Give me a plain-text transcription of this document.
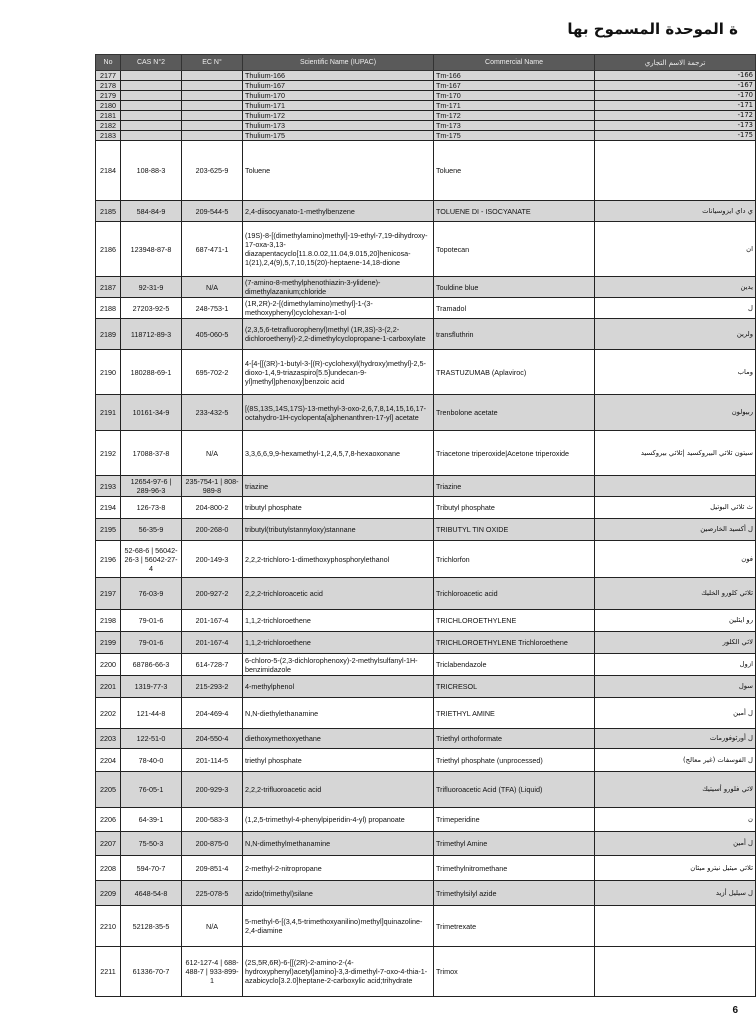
ة الموحدة المسموح بها
No	CAS N°2	EC N°	Scientific Name (IUPAC)	Commercial Name	ترجمة الاسم التجاري
2177			Thulium-166	Tm-166	166-
2178			Thulium-167	Tm-167	167-
2179			Thulium-170	Tm-170	170-
2180			Thulium-171	Tm-171	171-
2181			Thulium-172	Tm-172	172-
2182			Thulium-173	Tm-173	173-
2183			Thulium-175	Tm-175	175-
2184	108-88-3	203-625-9	Toluene	Toluene	
2185	584-84-9	209-544-5	2,4-diisocyanato-1-methylbenzene	TOLUENE DI - ISOCYANATE	ي داي ايزوسيانات
2186	123948-87-8	687-471-1	(19S)-8-[(dimethylamino)methyl]-19-ethyl-7,19-dihydroxy-17-oxa-3,13-diazapentacyclo[11.8.0.02,11.04,9.015,20]henicosa-1(21),2,4(9),5,7,10,15(20)-heptaene-14,18-dione	Topotecan	ان
2187	92-31-9	N/A	(7-amino-8-methylphenothiazin-3-ylidene)-dimethylazanium;chloride	Touldine blue	يدين
2188	27203-92-5	248-753-1	(1R,2R)-2-[(dimethylamino)methyl]-1-(3-methoxyphenyl)cyclohexan-1-ol	Tramadol	ل
2189	118712-89-3	405-060-5	(2,3,5,6-tetrafluorophenyl)methyl (1R,3S)-3-(2,2-dichloroethenyl)-2,2-dimethylcyclopropane-1-carboxylate	transfluthrin	ولرين
2190	180288-69-1	695-702-2	4-[4-[[(3R)-1-butyl-3-[(R)-cyclohexyl(hydroxy)methyl]-2,5-dioxo-1,4,9-triazaspiro[5.5]undecan-9-yl]methyl]phenoxy]benzoic acid	TRASTUZUMAB (Aplaviroc)	وماب
2191	10161-34-9	233-432-5	[(8S,13S,14S,17S)-13-methyl-3-oxo-2,6,7,8,14,15,16,17-octahydro-1H-cyclopenta[a]phenanthren-17-yl] acetate	Trenbolone acetate	ربيولون
2192	17088-37-8	N/A	3,3,6,6,9,9-hexamethyl-1,2,4,5,7,8-hexaoxonane	Triacetone triperoxide|Acetone triperoxide	سيتون ثلاثي البيروكسيد |ثلاثي بيروكسيد
2193	12654-97-6 | 289-96-3	235-754-1 | 808-989-8	triazine	Triazine	
2194	126-73-8	204-800-2	tributyl phosphate	Tributyl phosphate	ث ثلاثي البوتيل
2195	56-35-9	200-268-0	tributyl(tributylstannyloxy)stannane	TRIBUTYL TIN OXIDE	ل أكسيد الخارصين
2196	52-68-6 | 56042-26-3 | 56042-27-4	200-149-3	2,2,2-trichloro-1-dimethoxyphosphorylethanol	Trichlorfon	فون
2197	76-03-9	200-927-2	2,2,2-trichloroacetic acid	Trichloroacetic acid	ثلاثي كلورو الخليك
2198	79-01-6	201-167-4	1,1,2-trichloroethene	TRICHLOROETHYLENE	رو ايثلين
2199	79-01-6	201-167-4	1,1,2-trichloroethene	TRICHLOROETHYLENE Trichloroethene	لاثي الكلور
2200	68786-66-3	614-728-7	6-chloro-5-(2,3-dichlorophenoxy)-2-methylsulfanyl-1H-benzimidazole	Triclabendazole	ازول
2201	1319-77-3	215-293-2	4-methylphenol	TRICRESOL	سول
2202	121-44-8	204-469-4	N,N-diethylethanamine	TRIETHYL AMINE	ل أمين
2203	122-51-0	204-550-4	diethoxymethoxyethane	Triethyl orthoformate	ل أورثوفورمات
2204	78-40-0	201-114-5	triethyl phosphate	Triethyl phosphate (unprocessed)	ل الفوسفات (غير معالج)
2205	76-05-1	200-929-3	2,2,2-trifluoroacetic acid	Trifluoroacetic Acid (TFA) (Liquid)	لاثي فلورو أسيتيك
2206	64-39-1	200-583-3	(1,2,5-trimethyl-4-phenylpiperidin-4-yl) propanoate	Trimeperidine	ن
2207	75-50-3	200-875-0	N,N-dimethylmethanamine	Trimethyl Amine	ل أمين
2208	594-70-7	209-851-4	2-methyl-2-nitropropane	Trimethylnitromethane	ثلاثي ميثيل نيترو ميثان
2209	4648-54-8	225-078-5	azido(trimethyl)silane	Trimethylsilyl azide	ل سيليل أزيد
2210	52128-35-5	N/A	5-methyl-6-[(3,4,5-trimethoxyanilino)methyl]quinazoline-2,4-diamine	Trimetrexate	
2211	61336-70-7	612-127-4 | 688-488-7 | 933-899-1	(2S,5R,6R)-6-[[(2R)-2-amino-2-(4-hydroxyphenyl)acetyl]amino]-3,3-dimethyl-7-oxo-4-thia-1-azabicyclo[3.2.0]heptane-2-carboxylic acid;trihydrate	Trimox	
6
